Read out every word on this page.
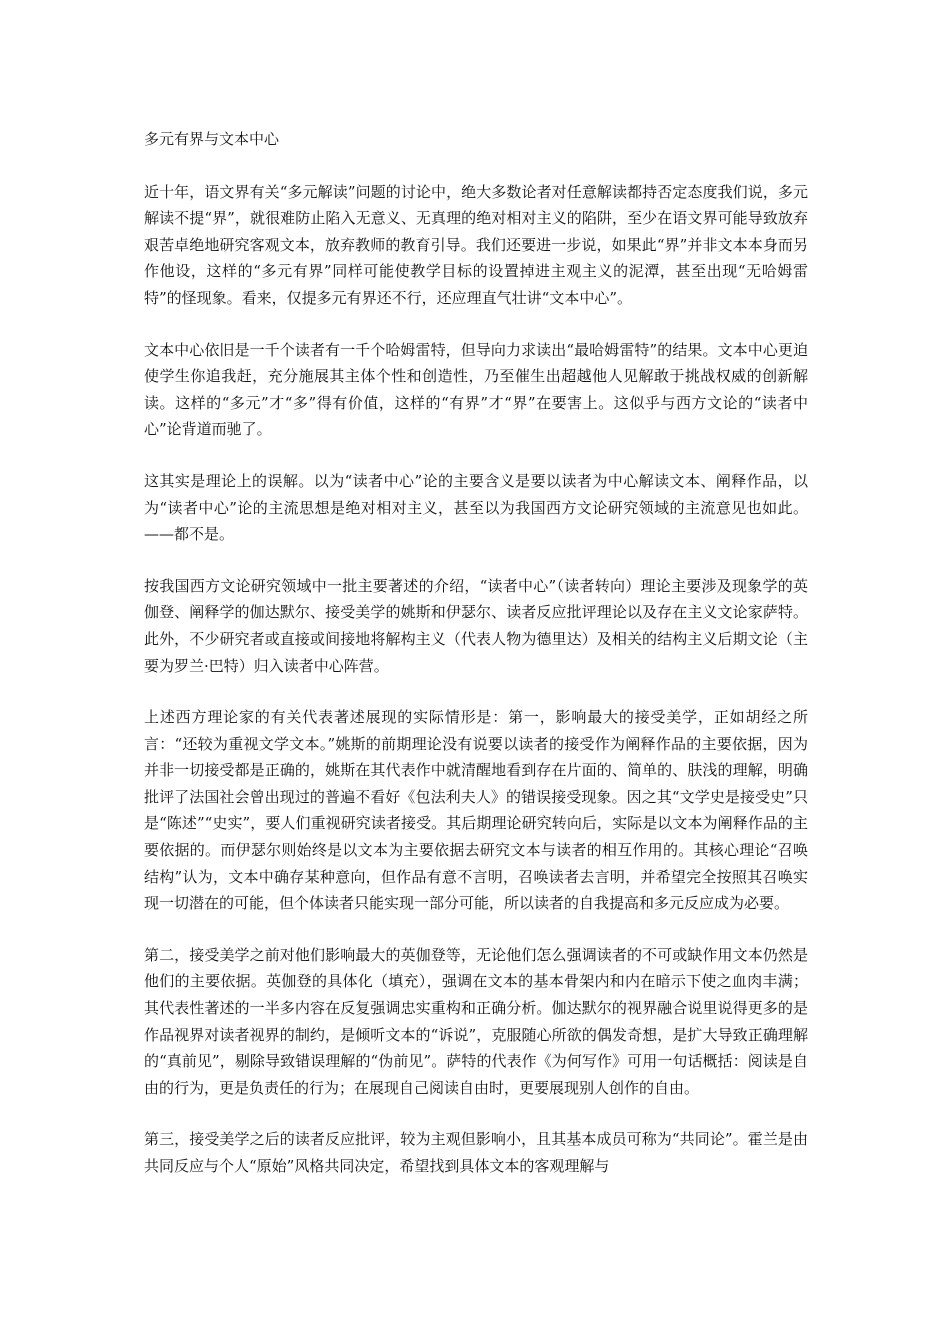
多元有界与文本中心

近十年，语文界有关“多元解读”问题的讨论中，绝大多数论者对任意解读都持否定态度我们说，多元解读不提“界”，就很难防止陷入无意义、无真理的绝对相对主义的陷阱，至少在语文界可能导致放弃艰苦卓绝地研究客观文本，放弃教师的教育引导。我们还要进一步说，如果此“界”并非文本本身而另作他设，这样的“多元有界”同样可能使教学目标的设置掉进主观主义的泥潭，甚至出现“无哈姆雷特”的怪现象。看来，仅提多元有界还不行，还应理直气壮讲“文本中心”。

文本中心依旧是一千个读者有一千个哈姆雷特，但导向力求读出“最哈姆雷特”的结果。文本中心更迫使学生你追我赶，充分施展其主体个性和创造性，乃至催生出超越他人见解敢于挑战权威的创新解读。这样的“多元”才“多”得有价值，这样的“有界”才“界”在要害上。这似乎与西方文论的“读者中心”论背道而驰了。

这其实是理论上的误解。以为“读者中心”论的主要含义是要以读者为中心解读文本、阐释作品，以为“读者中心”论的主流思想是绝对相对主义，甚至以为我国西方文论研究领域的主流意见也如此。——都不是。

按我国西方文论研究领域中一批主要著述的介绍，“读者中心”（读者转向）理论主要涉及现象学的英伽登、阐释学的伽达默尔、接受美学的姚斯和伊瑟尔、读者反应批评理论以及存在主义文论家萨特。此外，不少研究者或直接或间接地将解构主义（代表人物为德里达）及相关的结构主义后期文论（主要为罗兰·巴特）归入读者中心阵营。

上述西方理论家的有关代表著述展现的实际情形是：第一，影响最大的接受美学，正如胡经之所言：“还较为重视文学文本。”姚斯的前期理论没有说要以读者的接受作为阐释作品的主要依据，因为并非一切接受都是正确的，姚斯在其代表作中就清醒地看到存在片面的、简单的、肤浅的理解，明确批评了法国社会曾出现过的普遍不看好《包法利夫人》的错误接受现象。因之其“文学史是接受史”只是“陈述”“史实”，要人们重视研究读者接受。其后期理论研究转向后，实际是以文本为阐释作品的主要依据的。而伊瑟尔则始终是以文本为主要依据去研究文本与读者的相互作用的。其核心理论“召唤结构”认为，文本中确存某种意向，但作品有意不言明，召唤读者去言明，并希望完全按照其召唤实现一切潜在的可能，但个体读者只能实现一部分可能，所以读者的自我提高和多元反应成为必要。

第二，接受美学之前对他们影响最大的英伽登等，无论他们怎么强调读者的不可或缺作用文本仍然是他们的主要依据。英伽登的具体化（填充），强调在文本的基本骨架内和内在暗示下使之血肉丰满；其代表性著述的一半多内容在反复强调忠实重构和正确分析。伽达默尔的视界融合说里说得更多的是作品视界对读者视界的制约，是倾听文本的“诉说”，克服随心所欲的偶发奇想，是扩大导致正确理解的“真前见”，剔除导致错误理解的“伪前见”。萨特的代表作《为何写作》可用一句话概括：阅读是自由的行为，更是负责任的行为；在展现自己阅读自由时，更要展现别人创作的自由。

第三，接受美学之后的读者反应批评，较为主观但影响小，且其基本成员可称为“共同论”。霍兰是由共同反应与个人“原始”风格共同决定，希望找到具体文本的客观理解与
